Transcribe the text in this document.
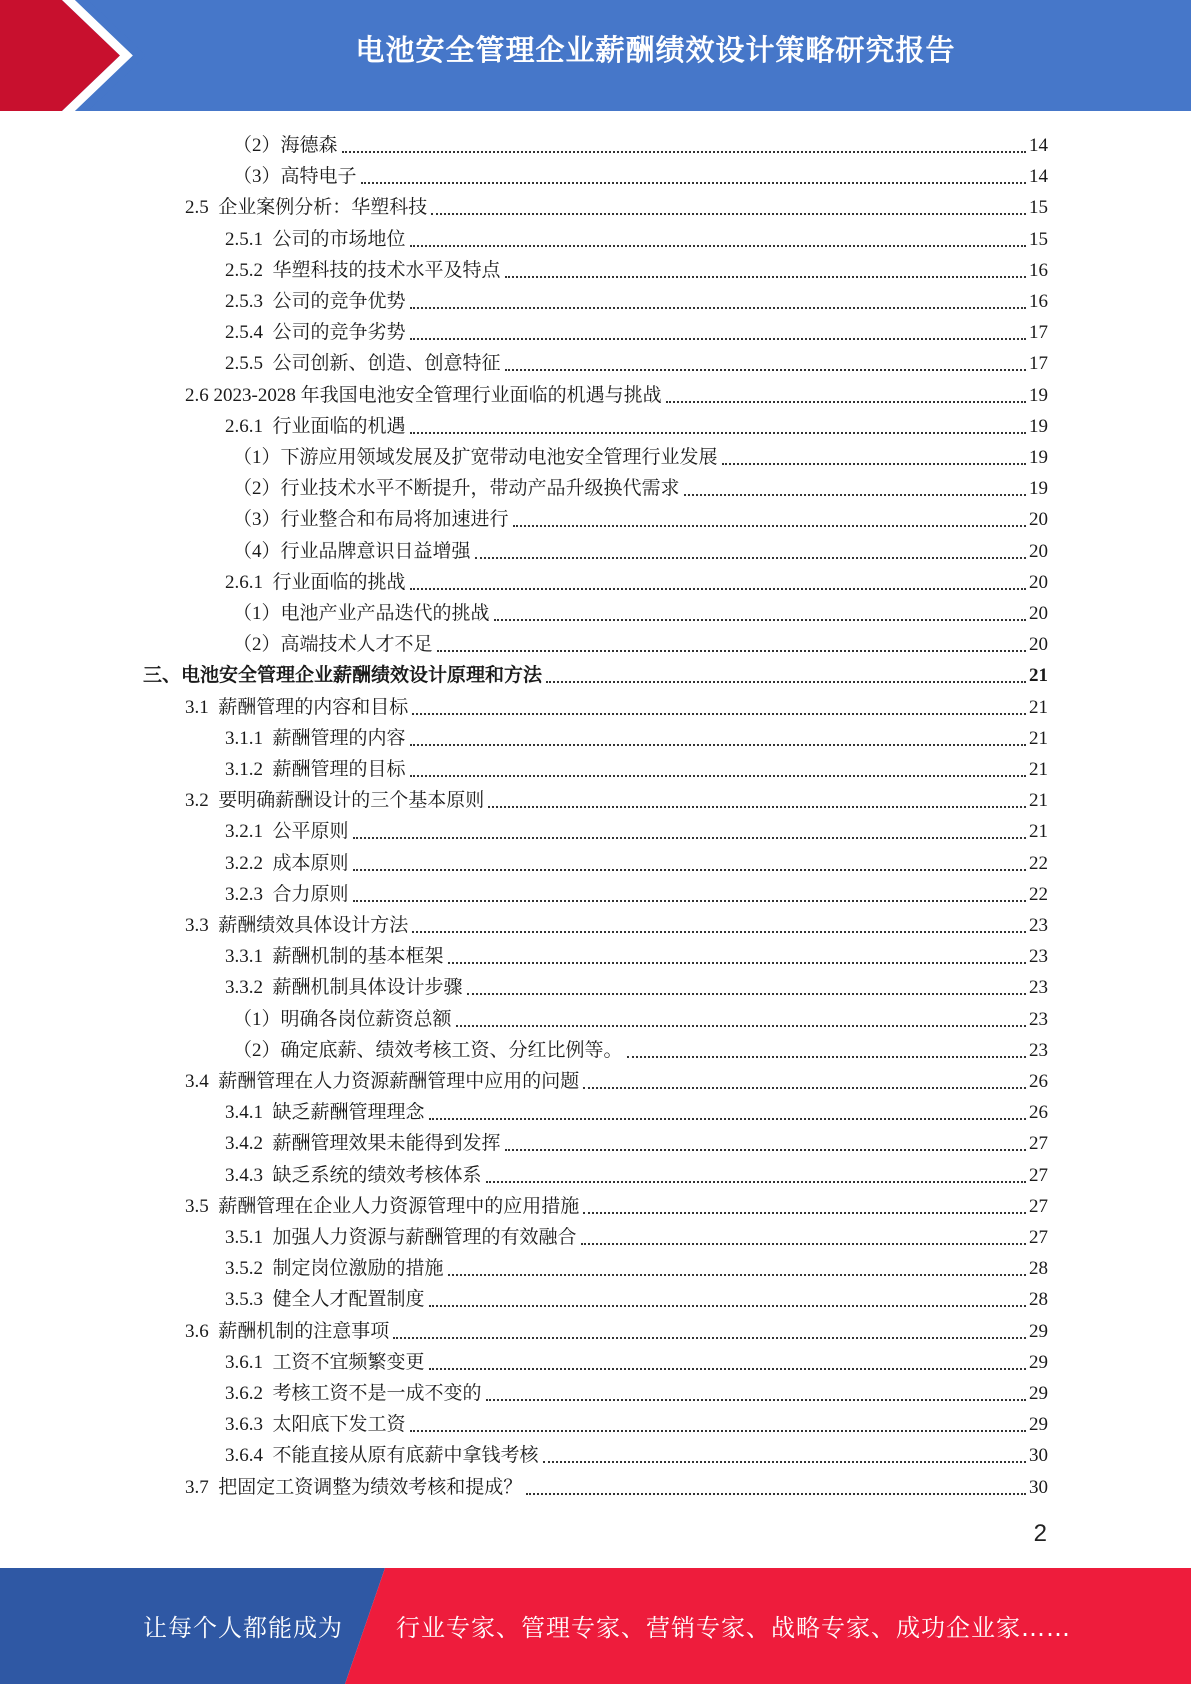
电池安全管理企业薪酬绩效设计策略研究报告
（2）海德森	14
（3）高特电子	14
2.5  企业案例分析：华塑科技	15
2.5.1  公司的市场地位	15
2.5.2  华塑科技的技术水平及特点	16
2.5.3  公司的竞争优势	16
2.5.4  公司的竞争劣势	17
2.5.5  公司创新、创造、创意特征	17
2.6 2023-2028 年我国电池安全管理行业面临的机遇与挑战	19
2.6.1  行业面临的机遇	19
（1）下游应用领域发展及扩宽带动电池安全管理行业发展	19
（2）行业技术水平不断提升，带动产品升级换代需求	19
（3）行业整合和布局将加速进行	20
（4）行业品牌意识日益增强	20
2.6.1  行业面临的挑战	20
（1）电池产业产品迭代的挑战	20
（2）高端技术人才不足	20
三、电池安全管理企业薪酬绩效设计原理和方法	21
3.1  薪酬管理的内容和目标	21
3.1.1  薪酬管理的内容	21
3.1.2  薪酬管理的目标	21
3.2  要明确薪酬设计的三个基本原则	21
3.2.1  公平原则	21
3.2.2  成本原则	22
3.2.3  合力原则	22
3.3  薪酬绩效具体设计方法	23
3.3.1  薪酬机制的基本框架	23
3.3.2  薪酬机制具体设计步骤	23
（1）明确各岗位薪资总额	23
（2）确定底薪、绩效考核工资、分红比例等。	23
3.4  薪酬管理在人力资源薪酬管理中应用的问题	26
3.4.1  缺乏薪酬管理理念	26
3.4.2  薪酬管理效果未能得到发挥	27
3.4.3  缺乏系统的绩效考核体系	27
3.5  薪酬管理在企业人力资源管理中的应用措施	27
3.5.1  加强人力资源与薪酬管理的有效融合	27
3.5.2  制定岗位激励的措施	28
3.5.3  健全人才配置制度	28
3.6  薪酬机制的注意事项	29
3.6.1  工资不宜频繁变更	29
3.6.2  考核工资不是一成不变的	29
3.6.3  太阳底下发工资	29
3.6.4  不能直接从原有底薪中拿钱考核	30
3.7  把固定工资调整为绩效考核和提成？	30
2
让每个人都能成为 行业专家、管理专家、营销专家、战略专家、成功企业家……
